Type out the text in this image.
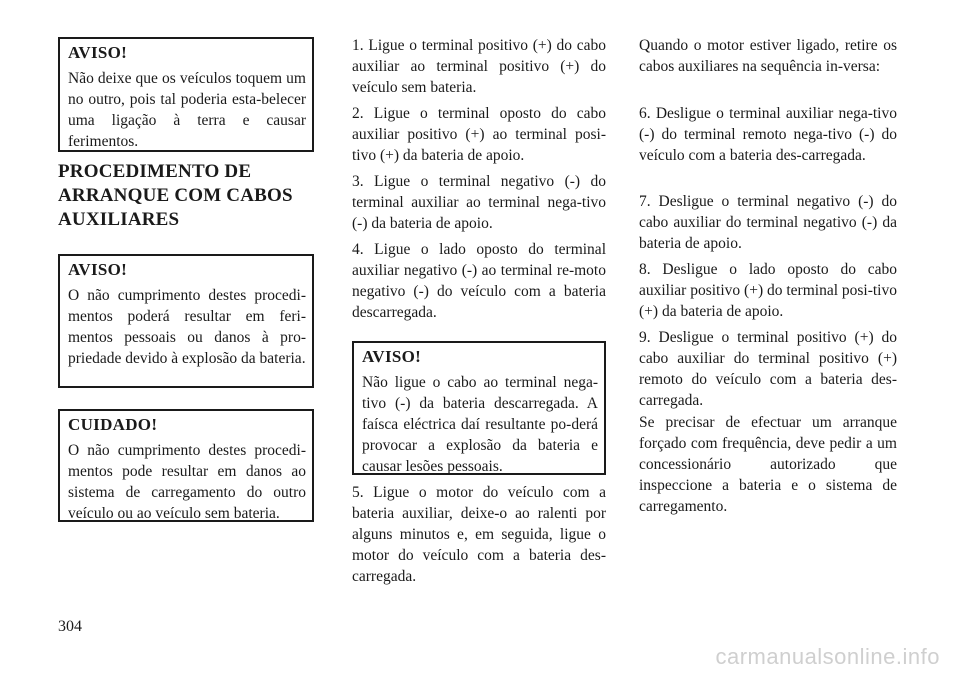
AVISO!

Não deixe que os veículos toquem um no outro, pois tal poderia esta-belecer uma ligação à terra e causar ferimentos.

PROCEDIMENTO DE ARRANQUE COM CABOS AUXILIARES

AVISO!

O não cumprimento destes procedi-mentos poderá resultar em feri-mentos pessoais ou danos à pro-priedade devido à explosão da bateria.

CUIDADO!

O não cumprimento destes procedi-mentos pode resultar em danos ao sistema de carregamento do outro veículo ou ao veículo sem bateria.

1. Ligue o terminal positivo (+) do cabo auxiliar ao terminal positivo (+) do veículo sem bateria.

2. Ligue o terminal oposto do cabo auxiliar positivo (+) ao terminal posi-tivo (+) da bateria de apoio.

3. Ligue o terminal negativo (-) do terminal auxiliar ao terminal nega-tivo (-) da bateria de apoio.

4. Ligue o lado oposto do terminal auxiliar negativo (-) ao terminal re-moto negativo (-) do veículo com a bateria descarregada.

AVISO!

Não ligue o cabo ao terminal nega-tivo (-) da bateria descarregada. A faísca eléctrica daí resultante po-derá provocar a explosão da bateria e causar lesões pessoais.

5. Ligue o motor do veículo com a bateria auxiliar, deixe-o ao ralenti por alguns minutos e, em seguida, ligue o motor do veículo com a bateria des-carregada.

Quando o motor estiver ligado, retire os cabos auxiliares na sequência in-versa:

6. Desligue o terminal auxiliar nega-tivo (-) do terminal remoto nega-tivo (-) do veículo com a bateria des-carregada.

7. Desligue o terminal negativo (-) do cabo auxiliar do terminal negativo (-) da bateria de apoio.

8. Desligue o lado oposto do cabo auxiliar positivo (+) do terminal posi-tivo (+) da bateria de apoio.

9. Desligue o terminal positivo (+) do cabo auxiliar do terminal positivo (+) remoto do veículo com a bateria des-carregada.

Se precisar de efectuar um arranque forçado com frequência, deve pedir a um concessionário autorizado que inspeccione a bateria e o sistema de carregamento.

304
carmanualsonline.info
